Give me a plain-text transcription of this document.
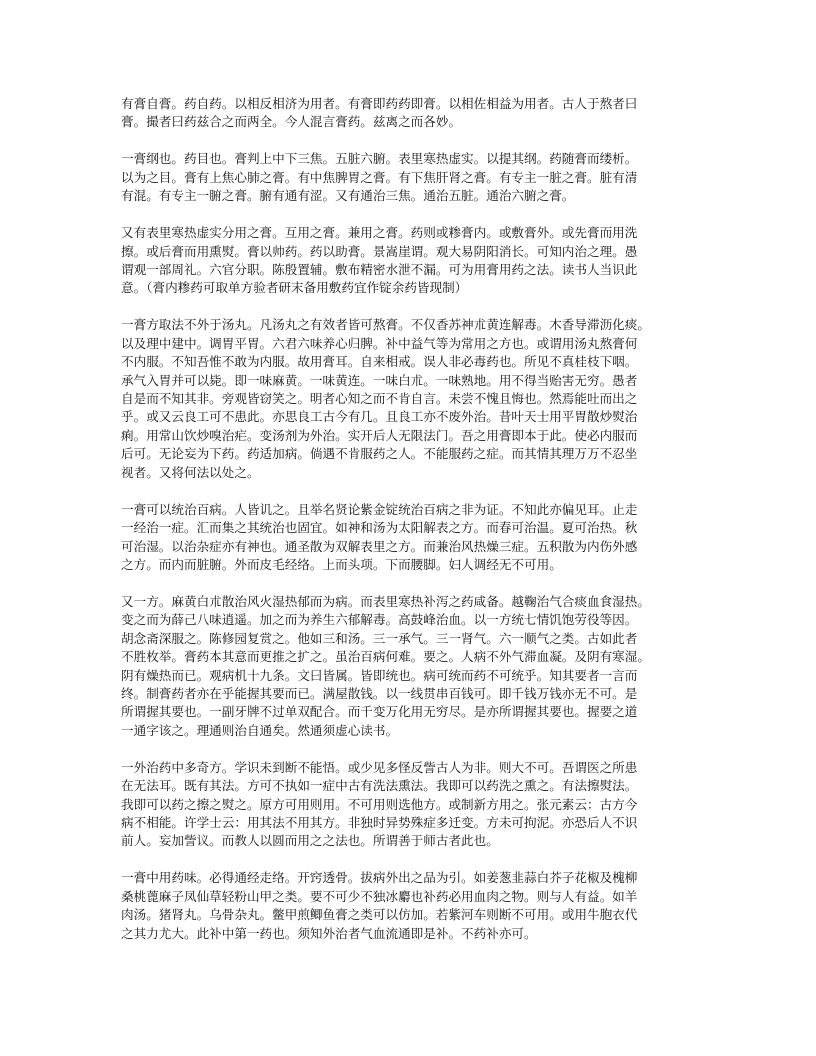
有膏自膏。药自药。以相反相济为用者。有膏即药药即膏。以相佐相益为用者。古人于熬者曰
膏。撮者曰药兹合之而两全。今人混言膏药。兹离之而各妙。

一膏纲也。药目也。膏判上中下三焦。五脏六腑。表里寒热虚实。以提其纲。药随膏而缕析。
以为之目。膏有上焦心肺之膏。有中焦脾胃之膏。有下焦肝肾之膏。有专主一脏之膏。脏有清
有混。有专主一腑之膏。腑有通有涩。又有通治三焦。通治五脏。通治六腑之膏。

又有表里寒热虚实分用之膏。互用之膏。兼用之膏。药则或糁膏内。或敷膏外。或先膏而用洗
擦。或后膏而用熏熨。膏以帅药。药以助膏。景嵩崖谓。观大易阴阳消长。可知内治之理。愚
谓观一部周礼。六官分职。陈殷置辅。敷布精密水泄不漏。可为用膏用药之法。读书人当识此
意。（膏内糁药可取单方验者研末备用敷药宜作锭余药皆现制）

一膏方取法不外于汤丸。凡汤丸之有效者皆可熬膏。不仅香苏神朮黄连解毒。木香导滞沥化痰。
以及理中建中。调胃平胃。六君六味养心归脾。补中益气等为常用之方也。或谓用汤丸熬膏何
不内服。不知吾惟不敢为内服。故用膏耳。自来相戒。误人非必毒药也。所见不真桂枝下咽。
承气入胃并可以毙。即一味麻黄。一味黄连。一味白朮。一味熟地。用不得当贻害无穷。愚者
自是而不知其非。旁观皆窃笑之。明者心知之而不肯自言。未尝不愧且悔也。然焉能吐而出之
乎。或又云良工可不患此。亦思良工古今有几。且良工亦不废外治。昔叶天士用平胃散炒熨治
痢。用常山饮炒嗅治疟。变汤剂为外治。实开后人无限法门。吾之用膏即本于此。使必内服而
后可。无论妄为下药。药适加病。倘遇不肯服药之人。不能服药之症。而其情其理万万不忍坐
视者。又将何法以处之。

一膏可以统治百病。人皆讥之。且举名贤论紫金锭统治百病之非为证。不知此亦偏见耳。止走
一经治一症。汇而集之其统治也固宜。如神和汤为太阳解表之方。而春可治温。夏可治热。秋
可治湿。以治杂症亦有神也。通圣散为双解表里之方。而兼治风热燥三症。五积散为内伤外感
之方。而内而脏腑。外而皮毛经络。上而头项。下而腰脚。妇人调经无不可用。

又一方。麻黄白朮散治风火湿热郁而为病。而表里寒热补泻之药咸备。越鞠治气合痰血食湿热。
变之而为薛己八味逍遥。加之而为养生六郁解毒。高鼓峰治血。以一方统七情饥饱劳役等因。
胡念斋深服之。陈修园复赏之。他如三和汤。三一承气。三一肾气。六一顺气之类。古如此者
不胜枚举。膏药本其意而更推之扩之。虽治百病何难。要之。人病不外气滞血凝。及阴有寒湿。
阴有燥热而已。观病机十九条。文曰皆属。皆即统也。病可统而药不可统乎。知其要者一言而
终。制膏药者亦在乎能握其要而已。满屋散钱。以一线贯串百钱可。即千钱万钱亦无不可。是
所谓握其要也。一副牙牌不过单双配合。而千变万化用无穷尽。是亦所谓握其要也。握要之道
一通字该之。理通则治自通矣。然通须虚心读书。

一外治药中多奇方。学识未到断不能悟。或少见多怪反訾古人为非。则大不可。吾谓医之所患
在无法耳。既有其法。方可不执如一症中古有洗法熏法。我即可以药洗之熏之。有法擦熨法。
我即可以药之擦之熨之。原方可用则用。不可用则选他方。或制新方用之。张元素云：古方今
病不相能。许学士云：用其法不用其方。非独时异势殊症多迁变。方未可拘泥。亦恐后人不识
前人。妄加訾议。而教人以圆而用之之法也。所谓善于师古者此也。

一膏中用药味。必得通经走络。开窍透骨。拔病外出之品为引。如姜葱韭蒜白芥子花椒及槐柳
桑桃蓖麻子凤仙草轻粉山甲之类。要不可少不独冰麝也补药必用血肉之物。则与人有益。如羊
肉汤。猪肾丸。乌骨杂丸。鳖甲煎鲫鱼膏之类可以仿加。若紫河车则断不可用。或用牛胞衣代
之其力尤大。此补中第一药也。须知外治者气血流通即是补。不药补亦可。
